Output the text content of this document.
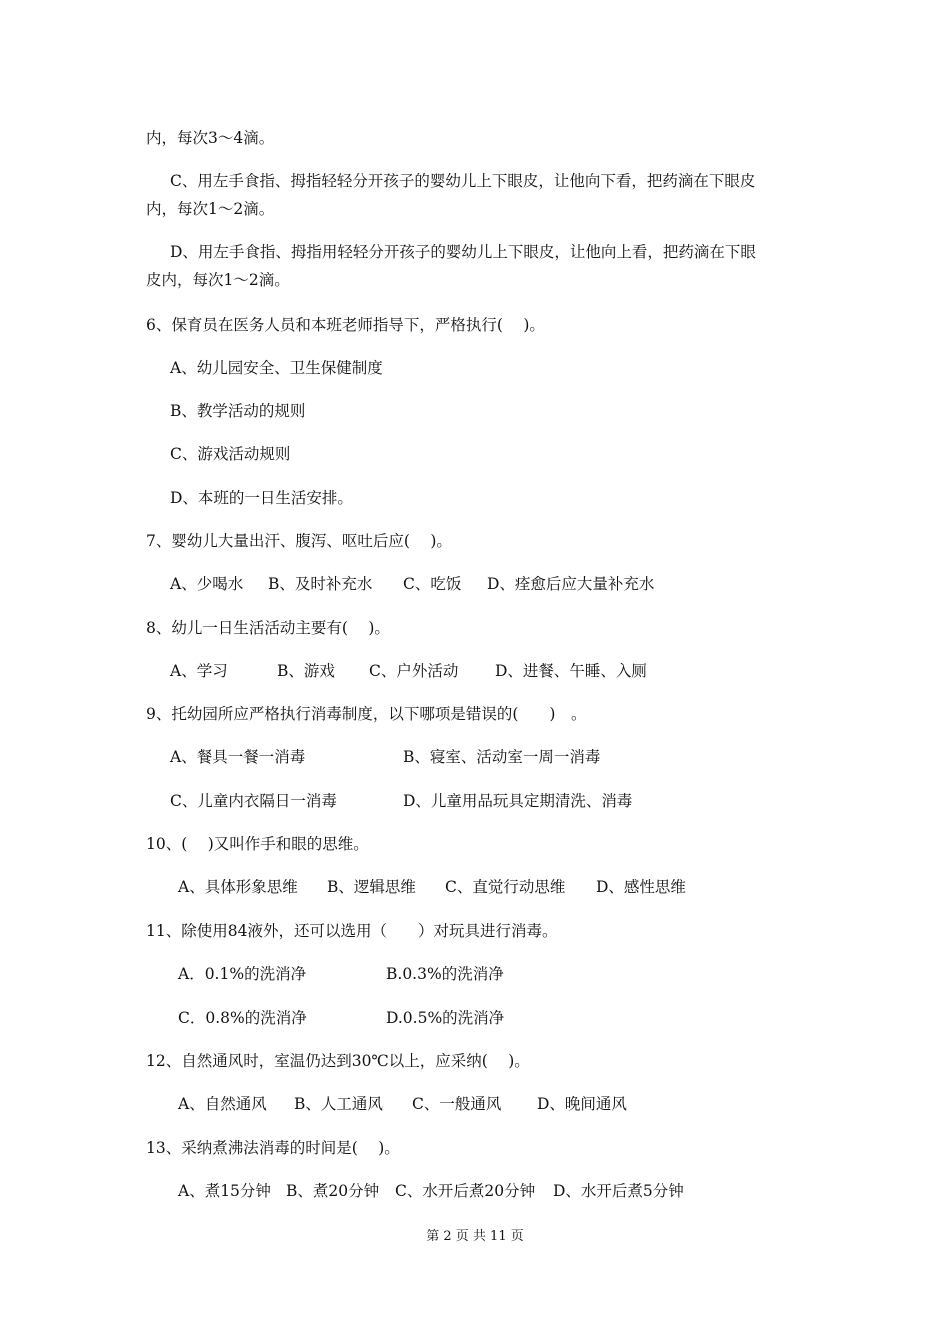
内，每次3～4滴。
C、用左手食指、拇指轻轻分开孩子的婴幼儿上下眼皮，让他向下看，把药滴在下眼皮
内，每次1～2滴。
D、用左手食指、拇指用轻轻分开孩子的婴幼儿上下眼皮，让他向上看，把药滴在下眼
皮内，每次1～2滴。
6、保育员在医务人员和本班老师指导下，严格执行(　 )。
A、幼儿园安全、卫生保健制度
B、教学活动的规则
C、游戏活动规则
D、本班的一日生活安排。
7、婴幼儿大量出汗、腹泻、呕吐后应(　 )。
A、少喝水 B、及时补充水 C、吃饭 D、痊愈后应大量补充水
8、幼儿一日生活活动主要有(　 )。
A、学习	B、游戏 C、户外活动 D、进餐、午睡、入厕
9、托幼园所应严格执行消毒制度，以下哪项是错误的(　　)　。
A、餐具一餐一消毒	B、寝室、活动室一周一消毒
C、儿童内衣隔日一消毒	D、儿童用品玩具定期清洗、消毒
10、(　 )又叫作手和眼的思维。
A、具体形象思维 B、逻辑思维 C、直觉行动思维 D、感性思维
11、除使用84液外，还可以选用（　　）对玩具进行消毒。
A．0.1%的洗消净	B.0.3%的洗消净
C．0.8%的洗消净	D.0.5%的洗消净
12、自然通风时，室温仍达到30℃以上，应采纳(　 )。
A、自然通风 B、人工通风 C、一般通风 D、晚间通风
13、采纳煮沸法消毒的时间是(　 )。
A、煮15分钟 B、煮20分钟 C、水开后煮20分钟 D、水开后煮5分钟
第 2 页 共 11 页
